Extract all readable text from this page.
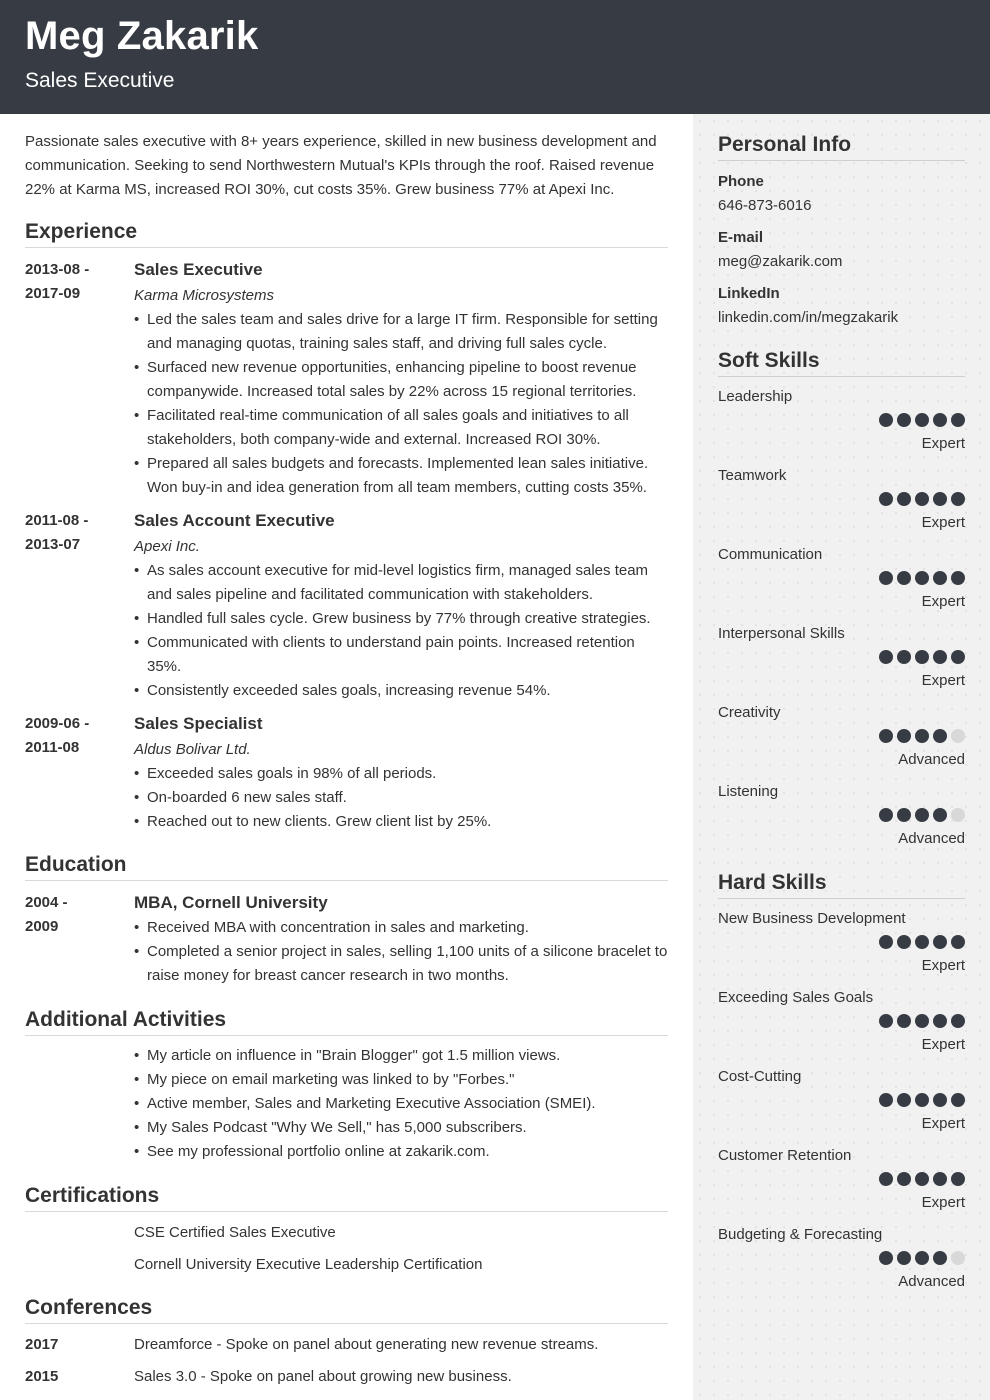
Meg Zakarik
Sales Executive
Passionate sales executive with 8+ years experience, skilled in new business development and communication. Seeking to send Northwestern Mutual's KPIs through the roof. Raised revenue 22% at Karma MS, increased ROI 30%, cut costs 35%. Grew business 77% at Apexi Inc.
Experience
2013-08 -
2017-09
Sales Executive
Karma Microsystems
• Led the sales team and sales drive for a large IT firm. Responsible for setting and managing quotas, training sales staff, and driving full sales cycle.
• Surfaced new revenue opportunities, enhancing pipeline to boost revenue companywide. Increased total sales by 22% across 15 regional territories.
• Facilitated real-time communication of all sales goals and initiatives to all stakeholders, both company-wide and external. Increased ROI 30%.
• Prepared all sales budgets and forecasts. Implemented lean sales initiative. Won buy-in and idea generation from all team members, cutting costs 35%.
2011-08 -
2013-07
Sales Account Executive
Apexi Inc.
• As sales account executive for mid-level logistics firm, managed sales team and sales pipeline and facilitated communication with stakeholders.
• Handled full sales cycle. Grew business by 77% through creative strategies.
• Communicated with clients to understand pain points. Increased retention 35%.
• Consistently exceeded sales goals, increasing revenue 54%.
2009-06 -
2011-08
Sales Specialist
Aldus Bolivar Ltd.
• Exceeded sales goals in 98% of all periods.
• On-boarded 6 new sales staff.
• Reached out to new clients. Grew client list by 25%.
Education
2004 -
2009
MBA, Cornell University
• Received MBA with concentration in sales and marketing.
• Completed a senior project in sales, selling 1,100 units of a silicone bracelet to raise money for breast cancer research in two months.
Additional Activities
• My article on influence in "Brain Blogger" got 1.5 million views.
• My piece on email marketing was linked to by "Forbes."
• Active member, Sales and Marketing Executive Association (SMEI).
• My Sales Podcast "Why We Sell," has 5,000 subscribers.
• See my professional portfolio online at zakarik.com.
Certifications
CSE Certified Sales Executive
Cornell University Executive Leadership Certification
Conferences
2017	Dreamforce - Spoke on panel about generating new revenue streams.
2015	Sales 3.0 - Spoke on panel about growing new business.
Personal Info
Phone
646-873-6016
E-mail
meg@zakarik.com
LinkedIn
linkedin.com/in/megzakarik
Soft Skills
Leadership
Expert
Teamwork
Expert
Communication
Expert
Interpersonal Skills
Expert
Creativity
Advanced
Listening
Advanced
Hard Skills
New Business Development
Expert
Exceeding Sales Goals
Expert
Cost-Cutting
Expert
Customer Retention
Expert
Budgeting & Forecasting
Advanced
